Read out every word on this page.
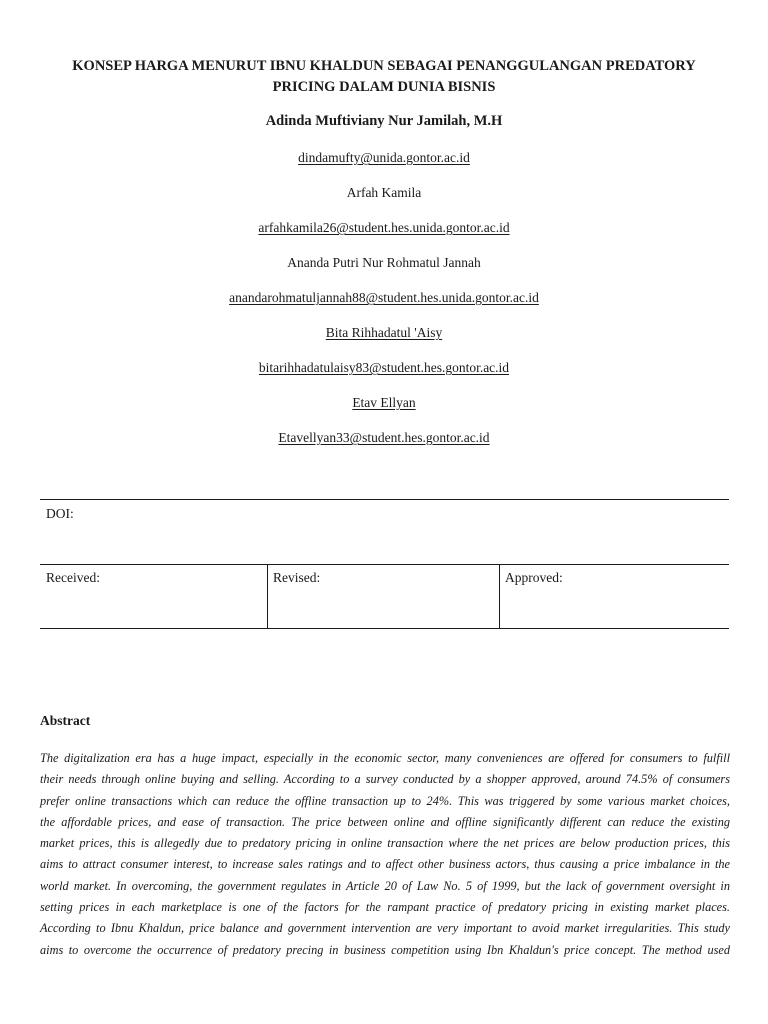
KONSEP HARGA MENURUT IBNU KHALDUN SEBAGAI PENANGGULANGAN PREDATORY
PRICING DALAM DUNIA BISNIS

Adinda Muftiviany Nur Jamilah, M.H

dindamufty@unida.gontor.ac.id

Arfah Kamila

arfahkamila26@student.hes.unida.gontor.ac.id

Ananda Putri Nur Rohmatul Jannah

anandarohmatuljannah88@student.hes.unida.gontor.ac.id

Bita Rihhadatul 'Aisy

bitarihhadatulaisy83@student.hes.gontor.ac.id

Etav Ellyan

Etavellyan33@student.hes.gontor.ac.id

DOI:

Received:	Revised:	Approved:

Abstract
The digitalization era has a huge impact, especially in the economic sector, many conveniences are offered for consumers to fulfill
their needs through online buying and selling. According to a survey conducted by a shopper approved, around 74.5% of consumers
prefer online transactions which can reduce the offline transaction up to 24%. This was triggered by some various market choices,
the affordable prices, and ease of transaction. The price between online and offline significantly different can reduce the existing
market prices, this is allegedly due to predatory pricing in online transaction where the net prices are below production prices, this
aims to attract consumer interest, to increase sales ratings and to affect other business actors, thus causing a price imbalance in the
world market. In overcoming, the government regulates in Article 20 of Law No. 5 of 1999, but the lack of government oversight in
setting prices in each marketplace is one of the factors for the rampant practice of predatory pricing in existing market places.
According to Ibnu Khaldun, price balance and government intervention are very important to avoid market irregularities. This study
aims to overcome the occurrence of predatory precing in business competition using Ibn Khaldun's price concept. The method used
